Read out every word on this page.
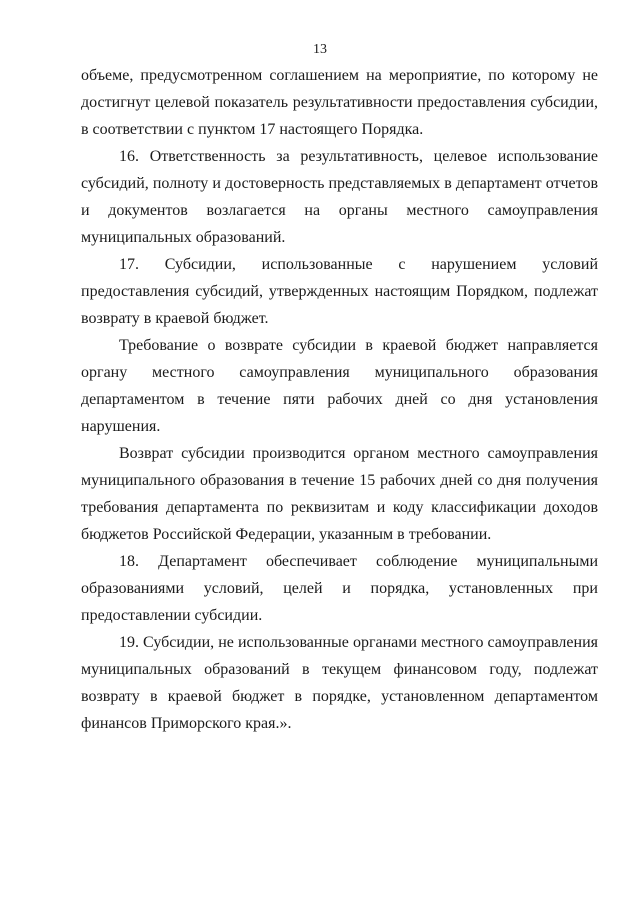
13

объеме, предусмотренном соглашением на мероприятие, по которому не достигнут целевой показатель результативности предоставления субсидии, в соответствии с пунктом 17 настоящего Порядка.

16. Ответственность за результативность, целевое использование субсидий, полноту и достоверность представляемых в департамент отчетов и документов возлагается на органы местного самоуправления муниципальных образований.

17. Субсидии, использованные с нарушением условий предоставления субсидий, утвержденных настоящим Порядком, подлежат возврату в краевой бюджет.

Требование о возврате субсидии в краевой бюджет направляется органу местного самоуправления муниципального образования департаментом в течение пяти рабочих дней со дня установления нарушения.

Возврат субсидии производится органом местного самоуправления муниципального образования в течение 15 рабочих дней со дня получения требования департамента по реквизитам и коду классификации доходов бюджетов Российской Федерации, указанным в требовании.

18. Департамент обеспечивает соблюдение муниципальными образованиями условий, целей и порядка, установленных при предоставлении субсидии.

19. Субсидии, не использованные органами местного самоуправления муниципальных образований в текущем финансовом году, подлежат возврату в краевой бюджет в порядке, установленном департаментом финансов Приморского края.».
